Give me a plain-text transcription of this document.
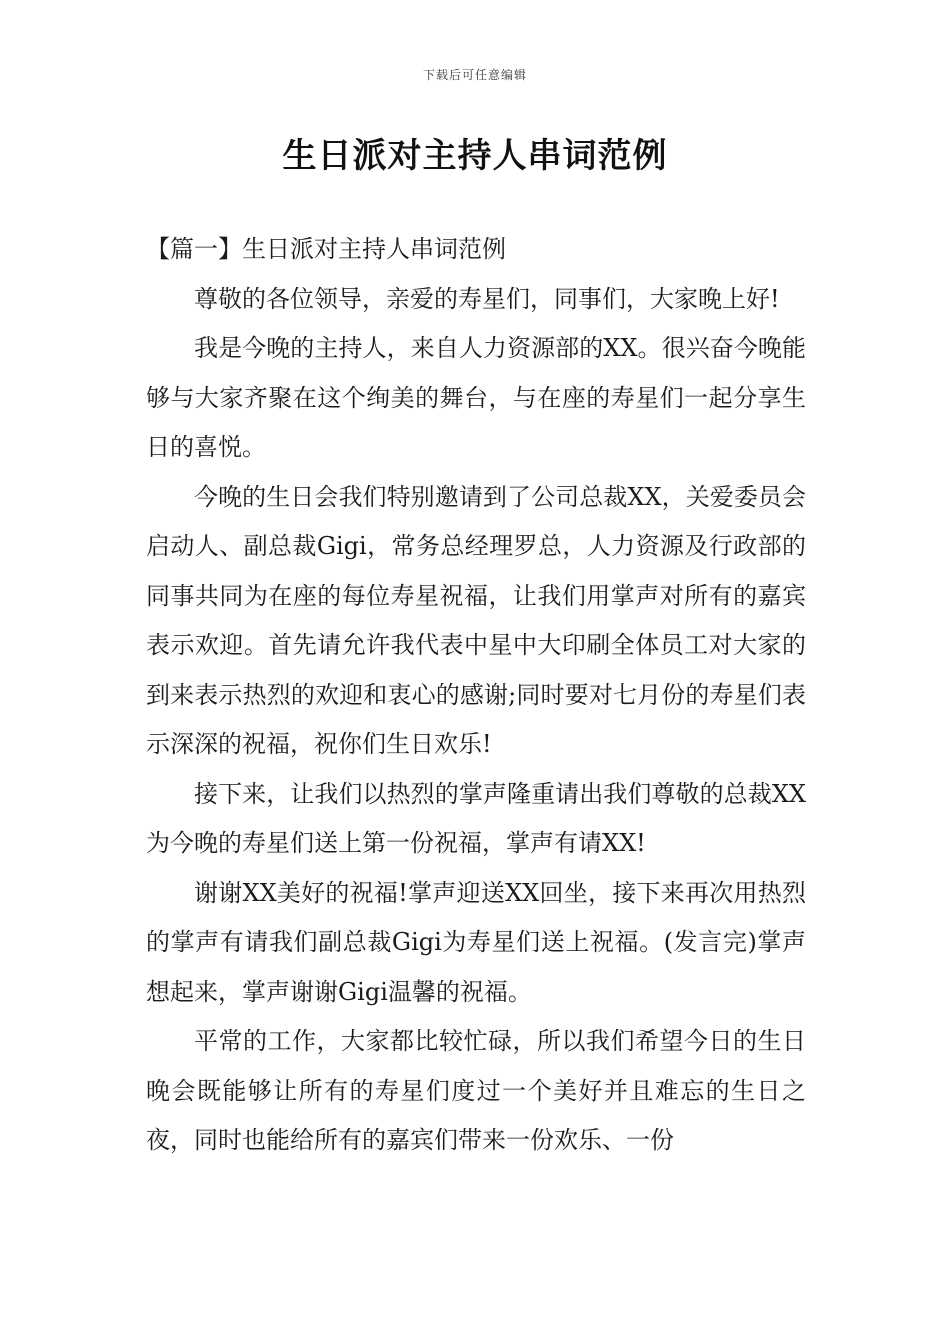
下载后可任意编辑
生日派对主持人串词范例

【篇一】生日派对主持人串词范例

尊敬的各位领导，亲爱的寿星们，同事们，大家晚上好!

我是今晚的主持人，来自人力资源部的XX。很兴奋今晚能够与大家齐聚在这个绚美的舞台，与在座的寿星们一起分享生日的喜悦。

今晚的生日会我们特别邀请到了公司总裁XX，关爱委员会启动人、副总裁Gigi，常务总经理罗总，人力资源及行政部的同事共同为在座的每位寿星祝福，让我们用掌声对所有的嘉宾表示欢迎。首先请允许我代表中星中大印刷全体员工对大家的到来表示热烈的欢迎和衷心的感谢;同时要对七月份的寿星们表示深深的祝福，祝你们生日欢乐!

接下来，让我们以热烈的掌声隆重请出我们尊敬的总裁XX为今晚的寿星们送上第一份祝福，掌声有请XX!

谢谢XX美好的祝福!掌声迎送XX回坐，接下来再次用热烈的掌声有请我们副总裁Gigi为寿星们送上祝福。(发言完)掌声想起来，掌声谢谢Gigi温馨的祝福。

平常的工作，大家都比较忙碌，所以我们希望今日的生日晚会既能够让所有的寿星们度过一个美好并且难忘的生日之夜，同时也能给所有的嘉宾们带来一份欢乐、一份
